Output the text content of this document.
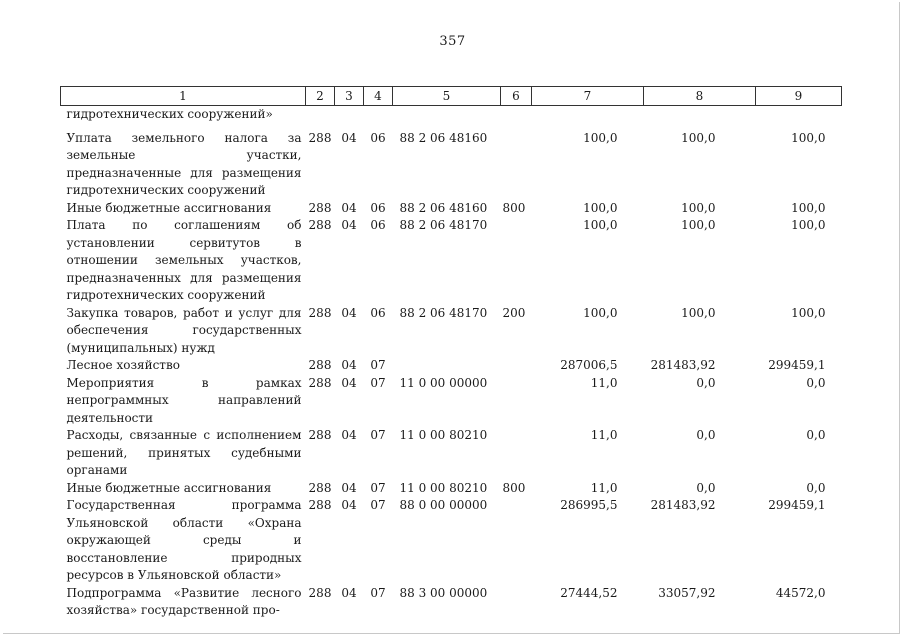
357
1	2	3	4	5	6	7	8	9
гидротехнических сооружений»								
Уплата земельного налога за земельные участки, предназначенные для размещения гидротехнических сооружений	288	04	06	88 2 06 48160		100,0	100,0	100,0
Иные бюджетные ассигнования	288	04	06	88 2 06 48160	800	100,0	100,0	100,0
Плата по соглашениям об установлении сервитутов в отношении земельных участков, предназначенных для размещения гидротехнических сооружений	288	04	06	88 2 06 48170		100,0	100,0	100,0
Закупка товаров, работ и услуг для обеспечения государственных (муниципальных) нужд	288	04	06	88 2 06 48170	200	100,0	100,0	100,0
Лесное хозяйство	288	04	07			287006,5	281483,92	299459,1
Мероприятия в рамках непрограммных направлений деятельности	288	04	07	11 0 00 00000		11,0	0,0	0,0
Расходы, связанные с исполнением решений, принятых судебными органами	288	04	07	11 0 00 80210		11,0	0,0	0,0
Иные бюджетные ассигнования	288	04	07	11 0 00 80210	800	11,0	0,0	0,0
Государственная программа Ульяновской области «Охрана окружающей среды и восстановление природных ресурсов в Ульяновской области»	288	04	07	88 0 00 00000		286995,5	281483,92	299459,1
Подпрограмма «Развитие лесного хозяйства» государственной про-	288	04	07	88 3 00 00000		27444,52	33057,92	44572,0
